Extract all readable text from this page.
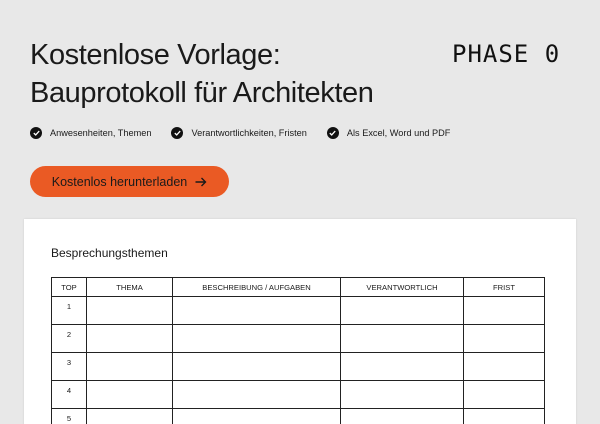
Kostenlose Vorlage:
Bauprotokoll für Architekten
PHASE 0
Anwesenheiten, Themen	Verantwortlichkeiten, Fristen	Als Excel, Word und PDF
Kostenlos herunterladen
Besprechungsthemen
TOP	THEMA	BESCHREIBUNG / AUFGABEN	VERANTWORTLICH	FRIST
1				
2				
3				
4				
5				
